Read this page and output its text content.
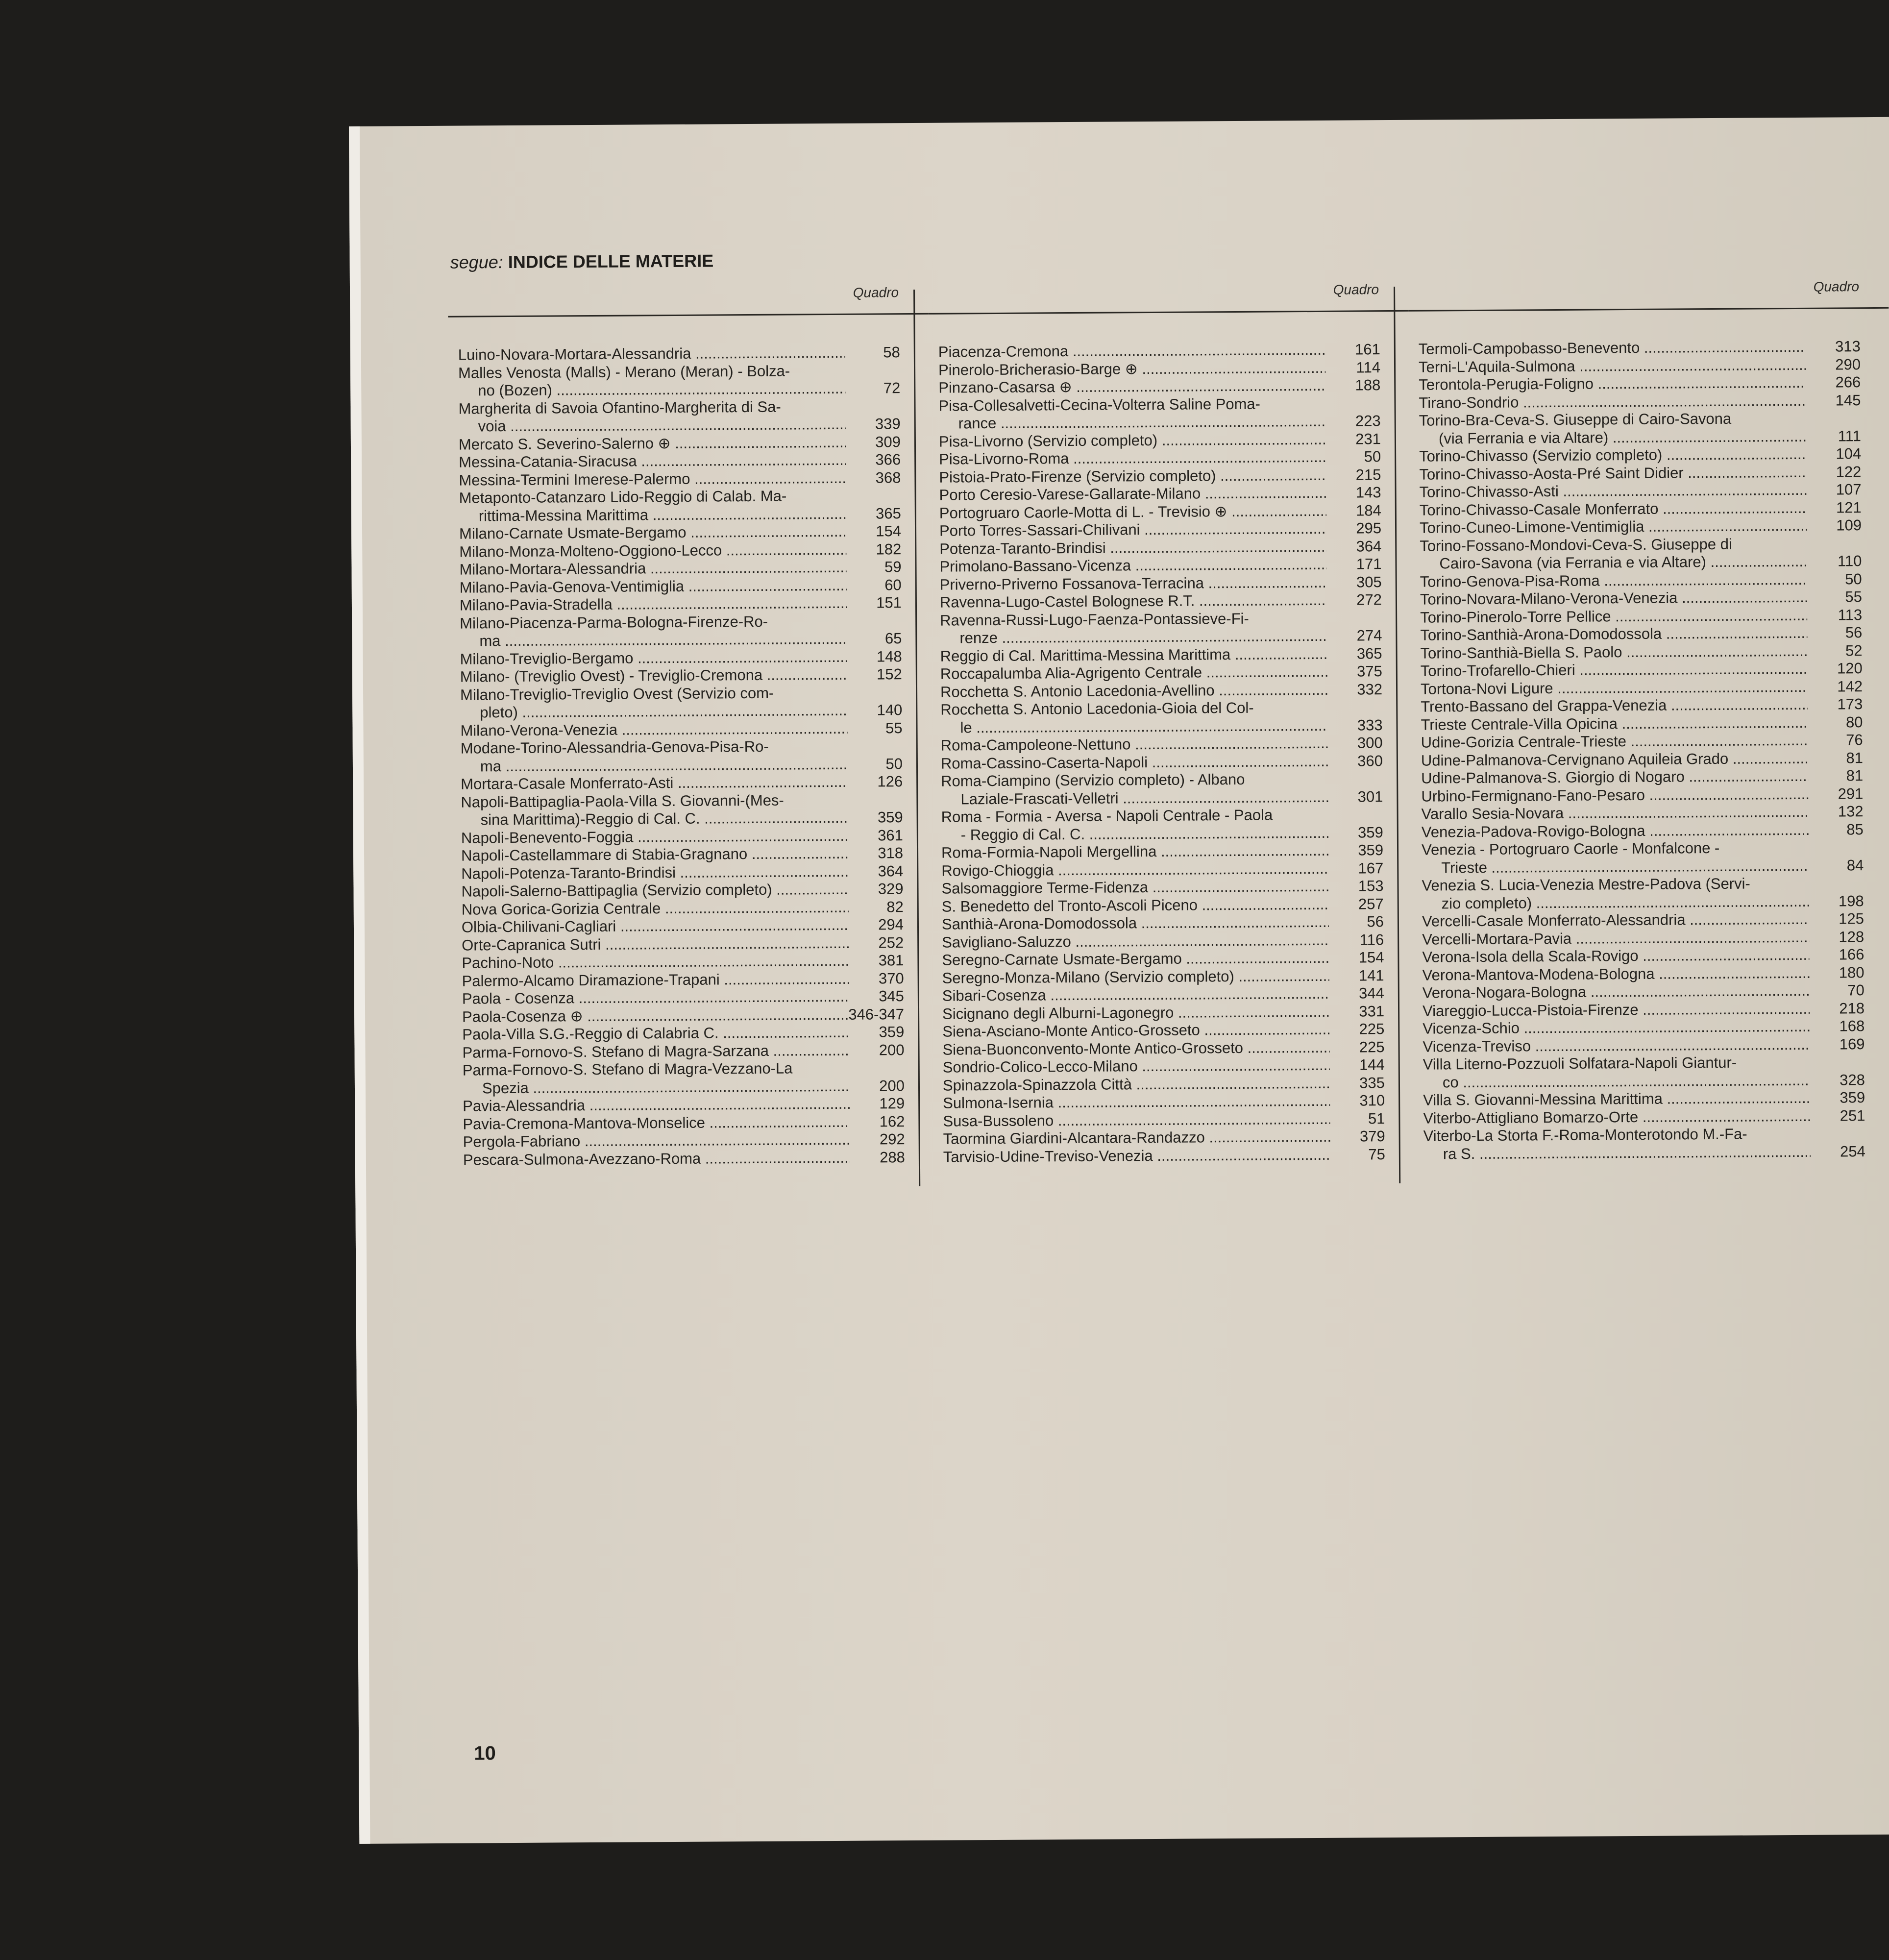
segue: INDICE DELLE MATERIE
Quadro
Luino-Novara-Mortara-Alessandria .....	58
Malles Venosta (Malls) - Merano (Meran) - Bolza-
no (Bozen) .....	72
Margherita di Savoia Ofantino-Margherita di Sa-
voia .....	339
Mercato S. Severino-Salerno ⊕ .....	309
Messina-Catania-Siracusa .....	366
Messina-Termini Imerese-Palermo .....	368
Metaponto-Catanzaro Lido-Reggio di Calab. Ma-
rittima-Messina Marittima .....	365
Milano-Carnate Usmate-Bergamo .....	154
Milano-Monza-Molteno-Oggiono-Lecco .....	182
Milano-Mortara-Alessandria .....	59
Milano-Pavia-Genova-Ventimiglia .....	60
Milano-Pavia-Stradella .....	151
Milano-Piacenza-Parma-Bologna-Firenze-Ro-
ma .....	65
Milano-Treviglio-Bergamo .....	148
Milano- (Treviglio Ovest) - Treviglio-Cremona .....	152
Milano-Treviglio-Treviglio Ovest (Servizio com-
pleto) .....	140
Milano-Verona-Venezia .....	55
Modane-Torino-Alessandria-Genova-Pisa-Ro-
ma .....	50
Mortara-Casale Monferrato-Asti .....	126
Napoli-Battipaglia-Paola-Villa S. Giovanni-(Mes-
sina Marittima)-Reggio di Cal. C. .....	359
Napoli-Benevento-Foggia .....	361
Napoli-Castellammare di Stabia-Gragnano .....	318
Napoli-Potenza-Taranto-Brindisi .....	364
Napoli-Salerno-Battipaglia (Servizio completo) .....	329
Nova Gorica-Gorizia Centrale .....	82
Olbia-Chilivani-Cagliari .....	294
Orte-Capranica Sutri .....	252
Pachino-Noto .....	381
Palermo-Alcamo Diramazione-Trapani .....	370
Paola - Cosenza .....	345
Paola-Cosenza ⊕ .....	346-347
Paola-Villa S.G.-Reggio di Calabria C. .....	359
Parma-Fornovo-S. Stefano di Magra-Sarzana .....	200
Parma-Fornovo-S. Stefano di Magra-Vezzano-La
Spezia .....	200
Pavia-Alessandria .....	129
Pavia-Cremona-Mantova-Monselice .....	162
Pergola-Fabriano .....	292
Pescara-Sulmona-Avezzano-Roma .....	288
Quadro
Piacenza-Cremona .....	161
Pinerolo-Bricherasio-Barge ⊕ .....	114
Pinzano-Casarsa ⊕ .....	188
Pisa-Collesalvetti-Cecina-Volterra Saline Poma-
rance .....	223
Pisa-Livorno (Servizio completo) .....	231
Pisa-Livorno-Roma .....	50
Pistoia-Prato-Firenze (Servizio completo) .....	215
Porto Ceresio-Varese-Gallarate-Milano .....	143
Portogruaro Caorle-Motta di L. - Trevisio ⊕ .....	184
Porto Torres-Sassari-Chilivani .....	295
Potenza-Taranto-Brindisi .....	364
Primolano-Bassano-Vicenza .....	171
Priverno-Priverno Fossanova-Terracina .....	305
Ravenna-Lugo-Castel Bolognese R.T. .....	272
Ravenna-Russi-Lugo-Faenza-Pontassieve-Fi-
renze .....	274
Reggio di Cal. Marittima-Messina Marittima .....	365
Roccapalumba Alia-Agrigento Centrale .....	375
Rocchetta S. Antonio Lacedonia-Avellino .....	332
Rocchetta S. Antonio Lacedonia-Gioia del Col-
le .....	333
Roma-Campoleone-Nettuno .....	300
Roma-Cassino-Caserta-Napoli .....	360
Roma-Ciampino (Servizio completo) - Albano
Laziale-Frascati-Velletri .....	301
Roma - Formia - Aversa - Napoli Centrale - Paola
- Reggio di Cal. C. .....	359
Roma-Formia-Napoli Mergellina .....	359
Rovigo-Chioggia .....	167
Salsomaggiore Terme-Fidenza .....	153
S. Benedetto del Tronto-Ascoli Piceno .....	257
Santhià-Arona-Domodossola .....	56
Savigliano-Saluzzo .....	116
Seregno-Carnate Usmate-Bergamo .....	154
Seregno-Monza-Milano (Servizio completo) .....	141
Sibari-Cosenza .....	344
Sicignano degli Alburni-Lagonegro .....	331
Siena-Asciano-Monte Antico-Grosseto .....	225
Siena-Buonconvento-Monte Antico-Grosseto .....	225
Sondrio-Colico-Lecco-Milano .....	144
Spinazzola-Spinazzola Città .....	335
Sulmona-Isernia .....	310
Susa-Bussoleno .....	51
Taormina Giardini-Alcantara-Randazzo .....	379
Tarvisio-Udine-Treviso-Venezia .....	75
Quadro
Termoli-Campobasso-Benevento .....	313
Terni-L'Aquila-Sulmona .....	290
Terontola-Perugia-Foligno .....	266
Tirano-Sondrio .....	145
Torino-Bra-Ceva-S. Giuseppe di Cairo-Savona
(via Ferrania e via Altare) .....	111
Torino-Chivasso (Servizio completo) .....	104
Torino-Chivasso-Aosta-Pré Saint Didier .....	122
Torino-Chivasso-Asti .....	107
Torino-Chivasso-Casale Monferrato .....	121
Torino-Cuneo-Limone-Ventimiglia .....	109
Torino-Fossano-Mondovi-Ceva-S. Giuseppe di
Cairo-Savona (via Ferrania e via Altare) .....	110
Torino-Genova-Pisa-Roma .....	50
Torino-Novara-Milano-Verona-Venezia .....	55
Torino-Pinerolo-Torre Pellice .....	113
Torino-Santhià-Arona-Domodossola .....	56
Torino-Santhià-Biella S. Paolo .....	52
Torino-Trofarello-Chieri .....	120
Tortona-Novi Ligure .....	142
Trento-Bassano del Grappa-Venezia .....	173
Trieste Centrale-Villa Opicina .....	80
Udine-Gorizia Centrale-Trieste .....	76
Udine-Palmanova-Cervignano Aquileia Grado .....	81
Udine-Palmanova-S. Giorgio di Nogaro .....	81
Urbino-Fermignano-Fano-Pesaro .....	291
Varallo Sesia-Novara .....	132
Venezia-Padova-Rovigo-Bologna .....	85
Venezia - Portogruaro Caorle - Monfalcone -
Trieste .....	84
Venezia S. Lucia-Venezia Mestre-Padova (Servi-
zio completo) .....	198
Vercelli-Casale Monferrato-Alessandria .....	125
Vercelli-Mortara-Pavia .....	128
Verona-Isola della Scala-Rovigo .....	166
Verona-Mantova-Modena-Bologna .....	180
Verona-Nogara-Bologna .....	70
Viareggio-Lucca-Pistoia-Firenze .....	218
Vicenza-Schio .....	168
Vicenza-Treviso .....	169
Villa Literno-Pozzuoli Solfatara-Napoli Giantur-
co .....	328
Villa S. Giovanni-Messina Marittima .....	359
Viterbo-Attigliano Bomarzo-Orte .....	251
Viterbo-La Storta F.-Roma-Monterotondo M.-Fa-
ra S. .....	254
10
